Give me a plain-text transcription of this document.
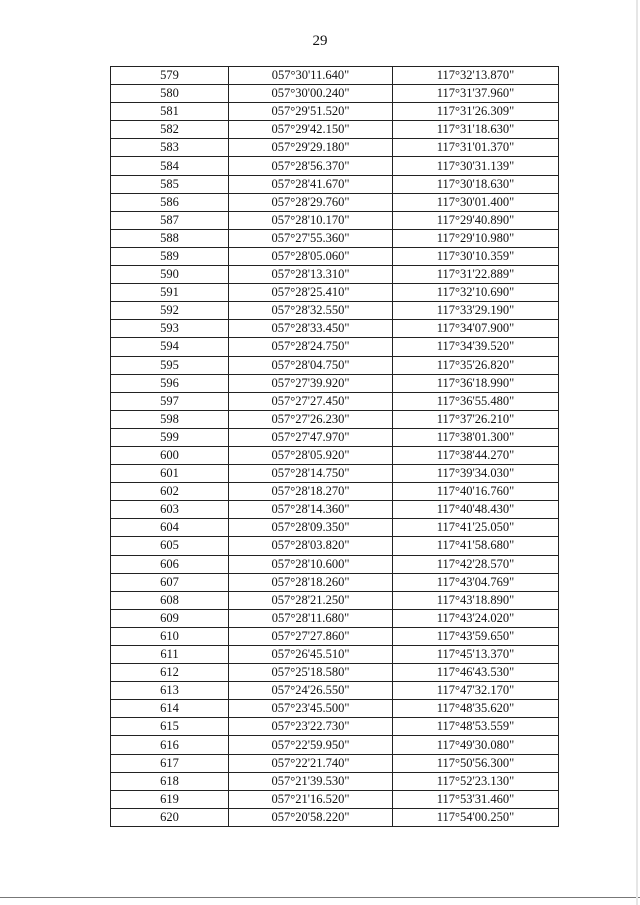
29
579	057°30'11.640"	117°32'13.870"
580	057°30'00.240"	117°31'37.960"
581	057°29'51.520"	117°31'26.309"
582	057°29'42.150"	117°31'18.630"
583	057°29'29.180"	117°31'01.370"
584	057°28'56.370"	117°30'31.139"
585	057°28'41.670"	117°30'18.630"
586	057°28'29.760"	117°30'01.400"
587	057°28'10.170"	117°29'40.890"
588	057°27'55.360"	117°29'10.980"
589	057°28'05.060"	117°30'10.359"
590	057°28'13.310"	117°31'22.889"
591	057°28'25.410"	117°32'10.690"
592	057°28'32.550"	117°33'29.190"
593	057°28'33.450"	117°34'07.900"
594	057°28'24.750"	117°34'39.520"
595	057°28'04.750"	117°35'26.820"
596	057°27'39.920"	117°36'18.990"
597	057°27'27.450"	117°36'55.480"
598	057°27'26.230"	117°37'26.210"
599	057°27'47.970"	117°38'01.300"
600	057°28'05.920"	117°38'44.270"
601	057°28'14.750"	117°39'34.030"
602	057°28'18.270"	117°40'16.760"
603	057°28'14.360"	117°40'48.430"
604	057°28'09.350"	117°41'25.050"
605	057°28'03.820"	117°41'58.680"
606	057°28'10.600"	117°42'28.570"
607	057°28'18.260"	117°43'04.769"
608	057°28'21.250"	117°43'18.890"
609	057°28'11.680"	117°43'24.020"
610	057°27'27.860"	117°43'59.650"
611	057°26'45.510"	117°45'13.370"
612	057°25'18.580"	117°46'43.530"
613	057°24'26.550"	117°47'32.170"
614	057°23'45.500"	117°48'35.620"
615	057°23'22.730"	117°48'53.559"
616	057°22'59.950"	117°49'30.080"
617	057°22'21.740"	117°50'56.300"
618	057°21'39.530"	117°52'23.130"
619	057°21'16.520"	117°53'31.460"
620	057°20'58.220"	117°54'00.250"
